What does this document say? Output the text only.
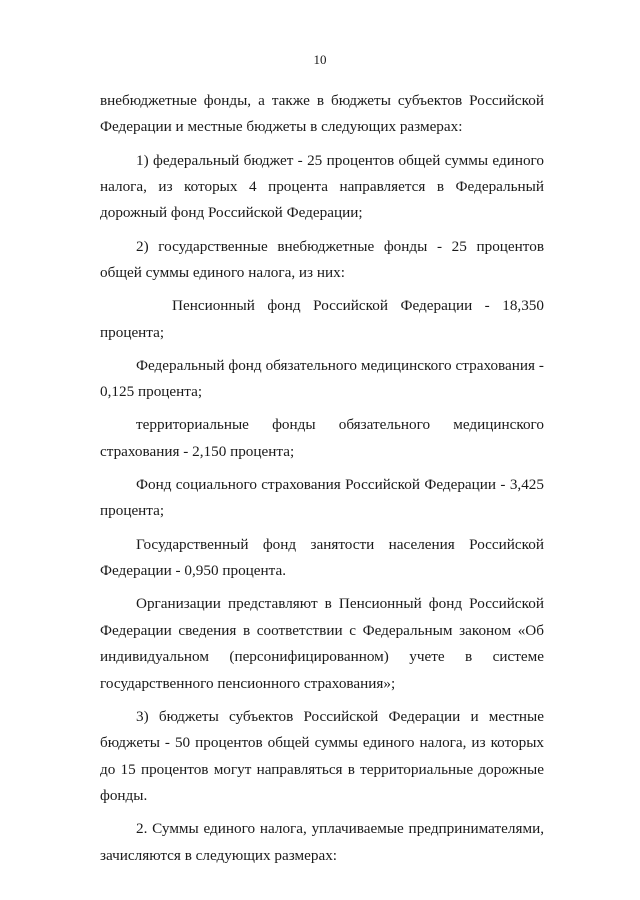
10

внебюджетные фонды, а также в бюджеты субъектов Российской Федерации и местные бюджеты в следующих размерах:

1) федеральный бюджет - 25 процентов общей суммы единого налога, из которых 4 процента направляется в Федеральный дорожный фонд Российской Федерации;

2) государственные внебюджетные фонды - 25 процентов общей суммы единого налога, из них:

Пенсионный фонд Российской Федерации - 18,350 процента;

Федеральный фонд обязательного медицинского страхования - 0,125 процента;

территориальные фонды обязательного медицинского страхования - 2,150 процента;

Фонд социального страхования Российской Федерации - 3,425 процента;

Государственный фонд занятости населения Российской Федерации - 0,950 процента.

Организации представляют в Пенсионный фонд Российской Федерации сведения в соответствии с Федеральным законом «Об индивидуальном (персонифицированном) учете в системе государственного пенсионного страхования»;

3) бюджеты субъектов Российской Федерации и местные бюджеты - 50 процентов общей суммы единого налога, из которых до 15 процентов могут направляться в территориальные дорожные фонды.

2. Суммы единого налога, уплачиваемые предпринимателями, зачисляются в следующих размерах:
